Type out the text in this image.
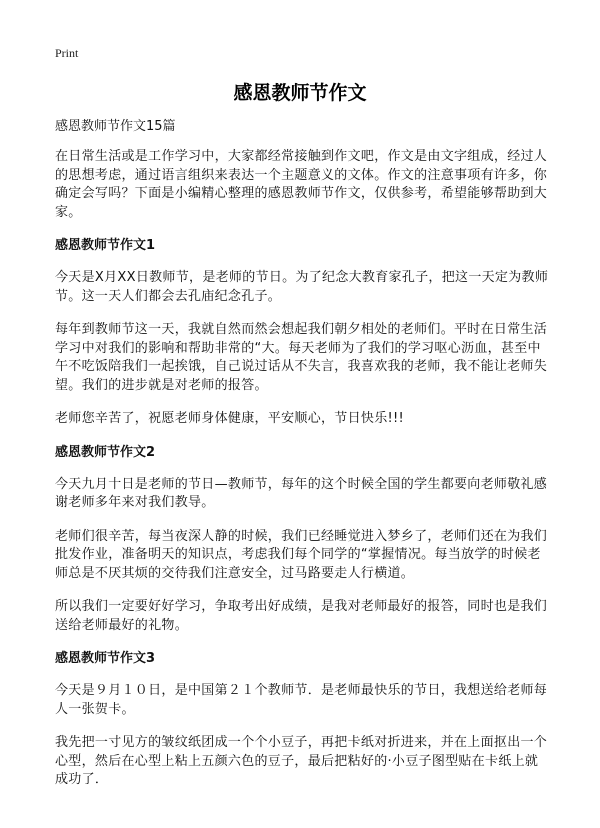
Print
感恩教师节作文

感恩教师节作文15篇

在日常生活或是工作学习中，大家都经常接触到作文吧，作文是由文字组成，经过人的思想考虑，通过语言组织来表达一个主题意义的文体。作文的注意事项有许多，你确定会写吗？下面是小编精心整理的感恩教师节作文，仅供参考，希望能够帮助到大家。

感恩教师节作文1

今天是X月XX日教师节，是老师的节日。为了纪念大教育家孔子，把这一天定为教师节。这一天人们都会去孔庙纪念孔子。

每年到教师节这一天，我就自然而然会想起我们朝夕相处的老师们。平时在日常生活学习中对我们的影响和帮助非常的“大。每天老师为了我们的学习呕心沥血，甚至中午不吃饭陪我们一起挨饿，自己说过话从不失言，我喜欢我的老师，我不能让老师失望。我们的进步就是对老师的报答。

老师您辛苦了，祝愿老师身体健康，平安顺心，节日快乐!!!

感恩教师节作文2

今天九月十日是老师的节日—教师节，每年的这个时候全国的学生都要向老师敬礼感谢老师多年来对我们教导。

老师们很辛苦，每当夜深人静的时候，我们已经睡觉进入梦乡了，老师们还在为我们批发作业，准备明天的知识点，考虑我们每个同学的“掌握情况。每当放学的时候老师总是不厌其烦的交待我们注意安全，过马路要走人行横道。

所以我们一定要好好学习，争取考出好成绩，是我对老师最好的报答，同时也是我们送给老师最好的礼物。

感恩教师节作文3

今天是９月１０日，是中国第２１个教师节．是老师最快乐的节日，我想送给老师每人一张贺卡。

我先把一寸见方的皱纹纸团成一个个小豆子，再把卡纸对折进来，并在上面抠出一个心型，然后在心型上粘上五颜六色的豆子，最后把粘好的·小豆子图型贴在卡纸上就成功了．
